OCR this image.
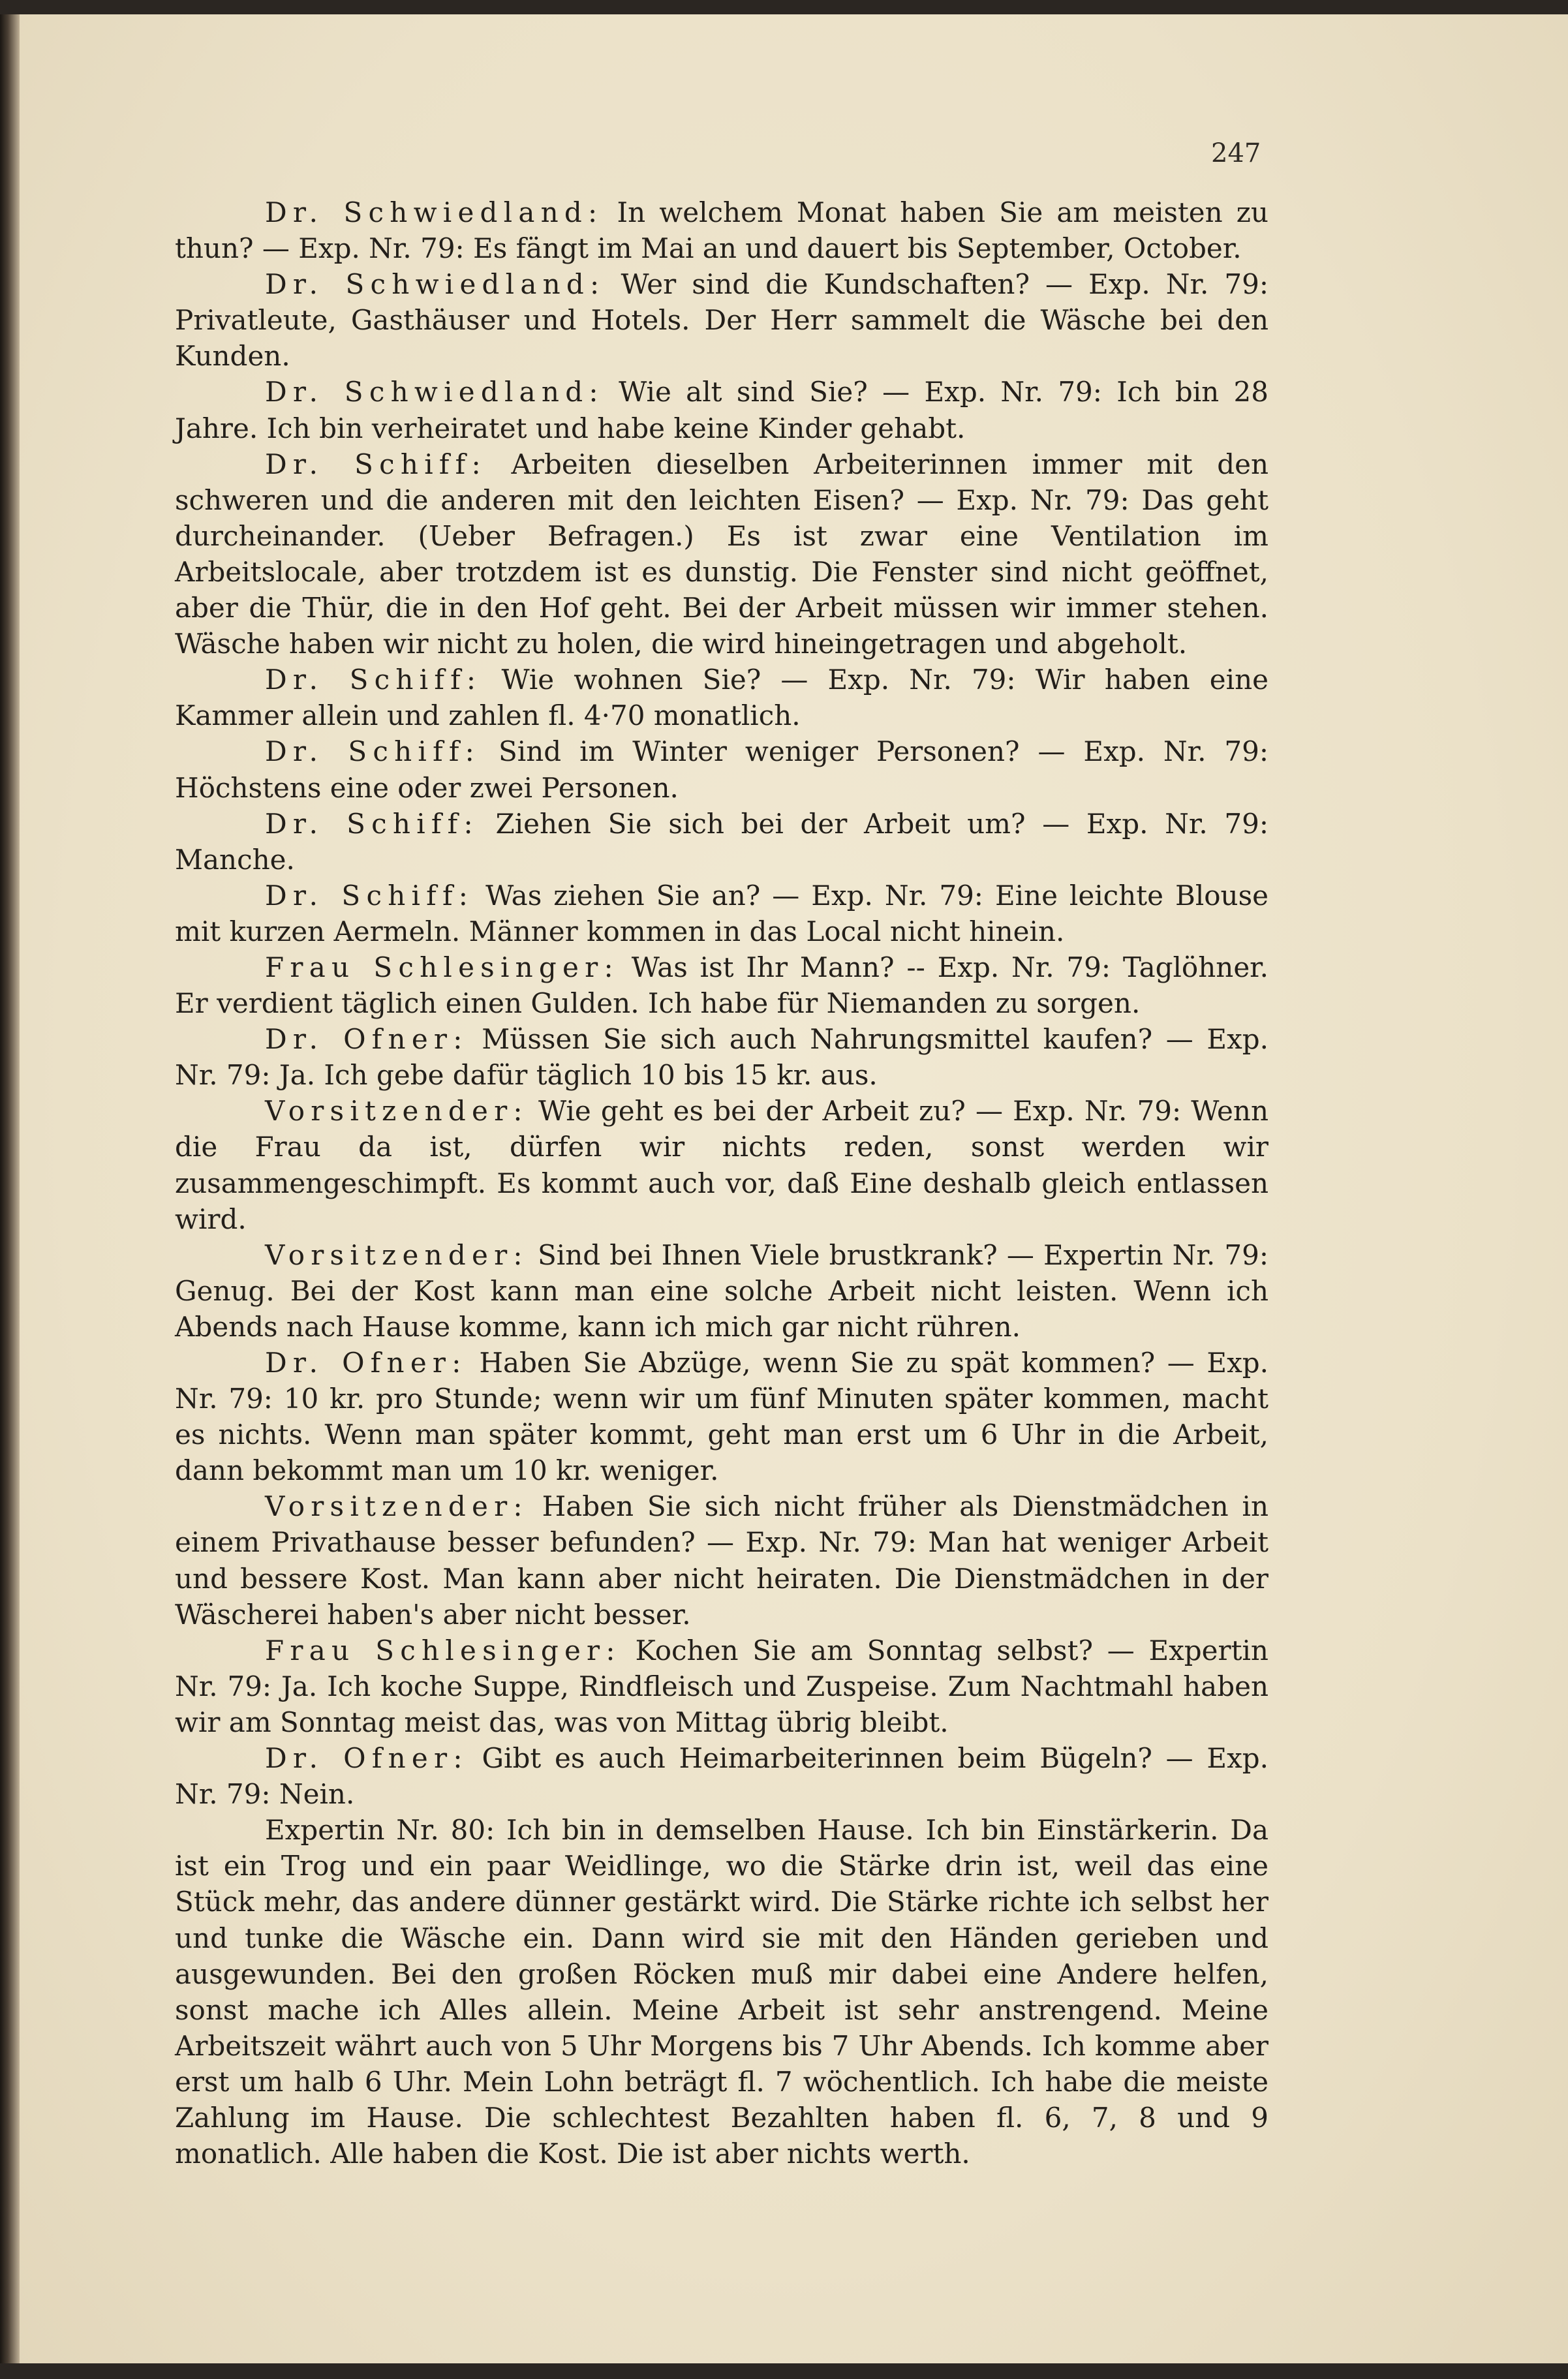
247

Dr. Schwiedland: In welchem Monat haben Sie am meisten zu thun? — Exp. Nr. 79: Es fängt im Mai an und dauert bis September, October.

Dr. Schwiedland: Wer sind die Kundschaften? — Exp. Nr. 79: Privatleute, Gasthäuser und Hotels. Der Herr sammelt die Wäsche bei den Kunden.

Dr. Schwiedland: Wie alt sind Sie? — Exp. Nr. 79: Ich bin 28 Jahre. Ich bin verheiratet und habe keine Kinder gehabt.

Dr. Schiff: Arbeiten dieselben Arbeiterinnen immer mit den schweren und die anderen mit den leichten Eisen? — Exp. Nr. 79: Das geht durcheinander. (Ueber Befragen.) Es ist zwar eine Ventilation im Arbeitslocale, aber trotzdem ist es dunstig. Die Fenster sind nicht geöffnet, aber die Thür, die in den Hof geht. Bei der Arbeit müssen wir immer stehen. Wäsche haben wir nicht zu holen, die wird hineingetragen und abgeholt.

Dr. Schiff: Wie wohnen Sie? — Exp. Nr. 79: Wir haben eine Kammer allein und zahlen fl. 4·70 monatlich.

Dr. Schiff: Sind im Winter weniger Personen? — Exp. Nr. 79: Höchstens eine oder zwei Personen.

Dr. Schiff: Ziehen Sie sich bei der Arbeit um? — Exp. Nr. 79: Manche.

Dr. Schiff: Was ziehen Sie an? — Exp. Nr. 79: Eine leichte Blouse mit kurzen Aermeln. Männer kommen in das Local nicht hinein.

Frau Schlesinger: Was ist Ihr Mann? -- Exp. Nr. 79: Taglöhner. Er verdient täglich einen Gulden. Ich habe für Niemanden zu sorgen.

Dr. Ofner: Müssen Sie sich auch Nahrungsmittel kaufen? — Exp. Nr. 79: Ja. Ich gebe dafür täglich 10 bis 15 kr. aus.

Vorsitzender: Wie geht es bei der Arbeit zu? — Exp. Nr. 79: Wenn die Frau da ist, dürfen wir nichts reden, sonst werden wir zusammengeschimpft. Es kommt auch vor, daß Eine deshalb gleich entlassen wird.

Vorsitzender: Sind bei Ihnen Viele brustkrank? — Expertin Nr. 79: Genug. Bei der Kost kann man eine solche Arbeit nicht leisten. Wenn ich Abends nach Hause komme, kann ich mich gar nicht rühren.

Dr. Ofner: Haben Sie Abzüge, wenn Sie zu spät kommen? — Exp. Nr. 79: 10 kr. pro Stunde; wenn wir um fünf Minuten später kommen, macht es nichts. Wenn man später kommt, geht man erst um 6 Uhr in die Arbeit, dann bekommt man um 10 kr. weniger.

Vorsitzender: Haben Sie sich nicht früher als Dienstmädchen in einem Privathause besser befunden? — Exp. Nr. 79: Man hat weniger Arbeit und bessere Kost. Man kann aber nicht heiraten. Die Dienstmädchen in der Wäscherei haben's aber nicht besser.

Frau Schlesinger: Kochen Sie am Sonntag selbst? — Expertin Nr. 79: Ja. Ich koche Suppe, Rindfleisch und Zuspeise. Zum Nachtmahl haben wir am Sonntag meist das, was von Mittag übrig bleibt.

Dr. Ofner: Gibt es auch Heimarbeiterinnen beim Bügeln? — Exp. Nr. 79: Nein.

Expertin Nr. 80: Ich bin in demselben Hause. Ich bin Einstärkerin. Da ist ein Trog und ein paar Weidlinge, wo die Stärke drin ist, weil das eine Stück mehr, das andere dünner gestärkt wird. Die Stärke richte ich selbst her und tunke die Wäsche ein. Dann wird sie mit den Händen gerieben und ausgewunden. Bei den großen Röcken muß mir dabei eine Andere helfen, sonst mache ich Alles allein. Meine Arbeit ist sehr anstrengend. Meine Arbeitszeit währt auch von 5 Uhr Morgens bis 7 Uhr Abends. Ich komme aber erst um halb 6 Uhr. Mein Lohn beträgt fl. 7 wöchentlich. Ich habe die meiste Zahlung im Hause. Die schlechtest Bezahlten haben fl. 6, 7, 8 und 9 monatlich. Alle haben die Kost. Die ist aber nichts werth.
